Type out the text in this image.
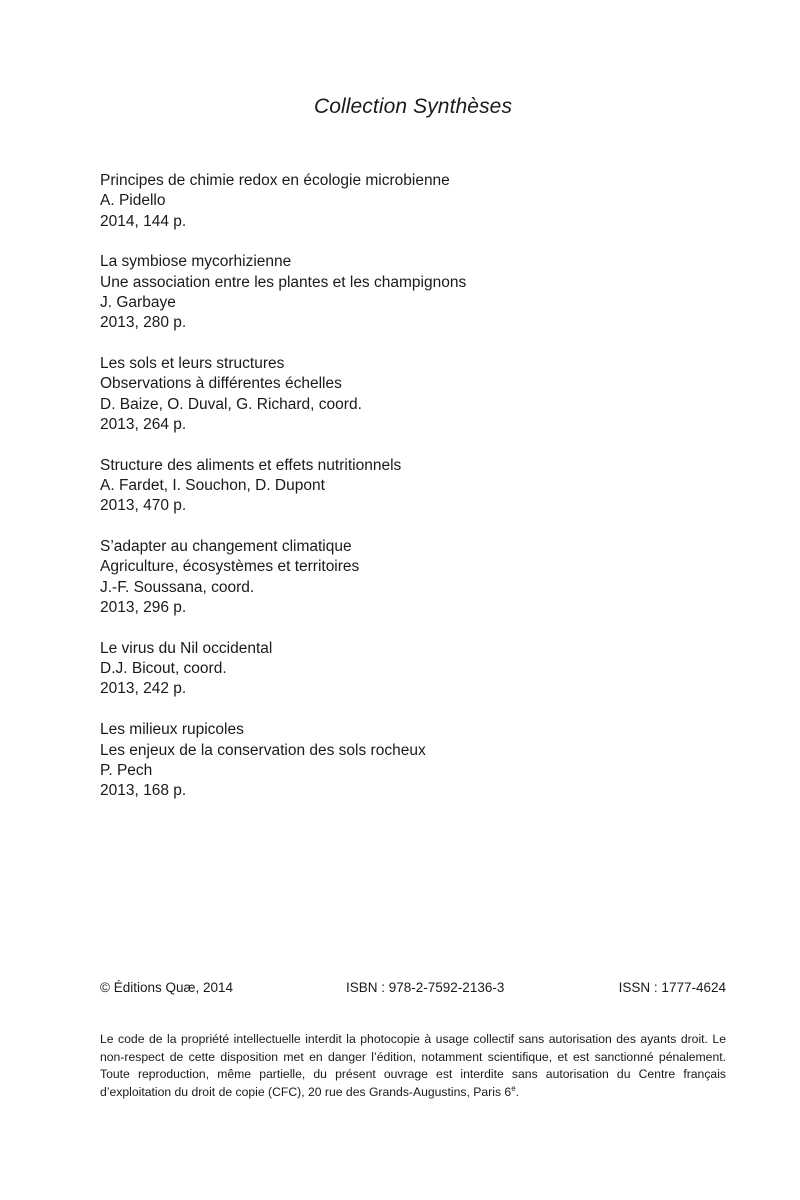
Collection Synthèses
Principes de chimie redox en écologie microbienne
A. Pidello
2014, 144 p.
La symbiose mycorhizienne
Une association entre les plantes et les champignons
J. Garbaye
2013, 280 p.
Les sols et leurs structures
Observations à différentes échelles
D. Baize, O. Duval, G. Richard, coord.
2013, 264 p.
Structure des aliments et effets nutritionnels
A. Fardet, I. Souchon, D. Dupont
2013, 470 p.
S’adapter au changement climatique
Agriculture, écosystèmes et territoires
J.-F. Soussana, coord.
2013, 296 p.
Le virus du Nil occidental
D.J. Bicout, coord.
2013, 242 p.
Les milieux rupicoles
Les enjeux de la conservation des sols rocheux
P. Pech
2013, 168 p.
© Éditions Quæ, 2014	ISBN : 978-2-7592-2136-3	ISSN : 1777-4624
Le code de la propriété intellectuelle interdit la photocopie à usage collectif sans autorisation des ayants droit. Le non-respect de cette disposition met en danger l’édition, notamment scientifique, et est sanctionné pénalement. Toute reproduction, même partielle, du présent ouvrage est interdite sans autorisation du Centre français d’exploitation du droit de copie (CFC), 20 rue des Grands-Augustins, Paris 6e.
